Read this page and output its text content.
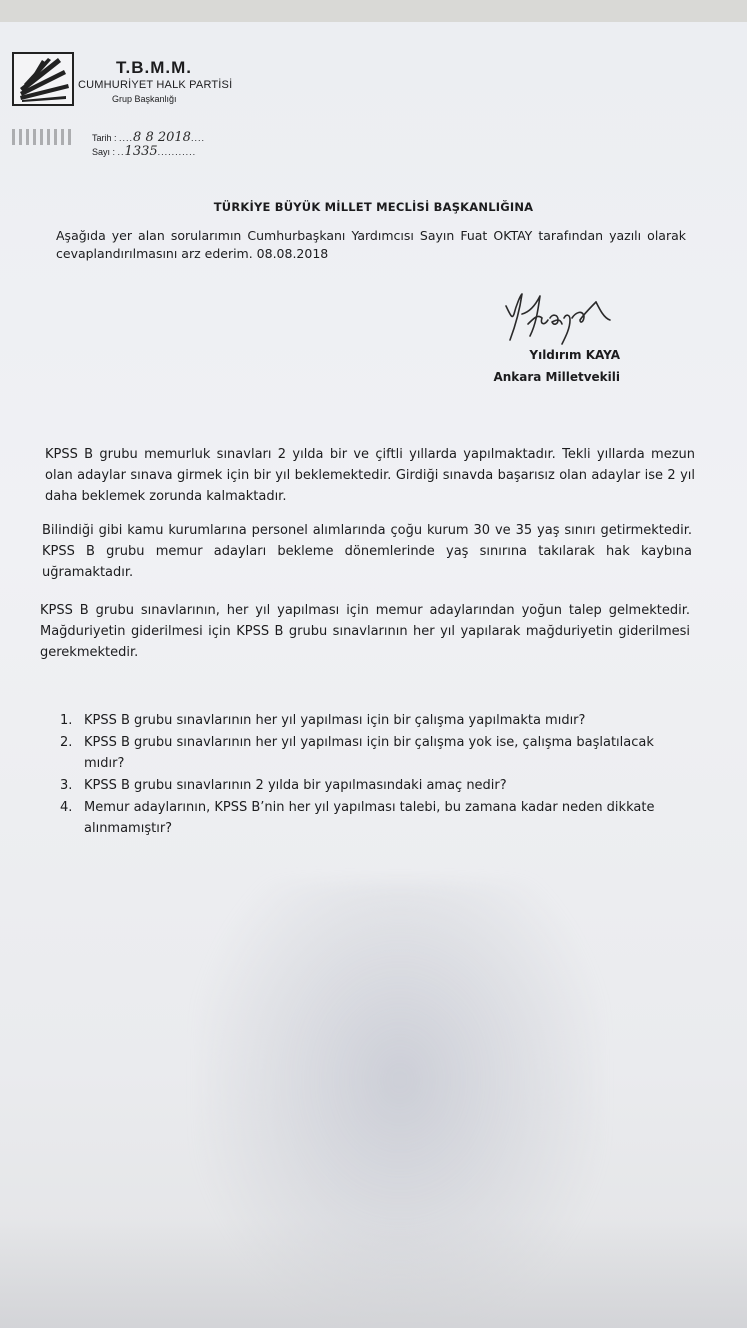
T.B.M.M.
CUMHURİYET HALK PARTİSİ
Grup Başkanlığı
Tarih : ....8 8 2018....
Sayı : ..1335...........
TÜRKİYE BÜYÜK MİLLET MECLİSİ BAŞKANLIĞINA
Aşağıda yer alan sorularımın Cumhurbaşkanı Yardımcısı Sayın Fuat OKTAY tarafından yazılı olarak cevaplandırılmasını arz ederim. 08.08.2018
Yıldırım KAYA
Ankara Milletvekili
KPSS B grubu memurluk sınavları 2 yılda bir ve çiftli yıllarda yapılmaktadır. Tekli yıllarda mezun olan adaylar sınava girmek için bir yıl beklemektedir. Girdiği sınavda başarısız olan adaylar ise 2 yıl daha beklemek zorunda kalmaktadır.
Bilindiği gibi kamu kurumlarına personel alımlarında çoğu kurum 30 ve 35 yaş sınırı getirmektedir. KPSS B grubu memur adayları bekleme dönemlerinde yaş sınırına takılarak hak kaybına uğramaktadır.
KPSS B grubu sınavlarının, her yıl yapılması için memur adaylarından yoğun talep gelmektedir. Mağduriyetin giderilmesi için KPSS B grubu sınavlarının her yıl yapılarak mağduriyetin giderilmesi gerekmektedir.
1. KPSS B grubu sınavlarının her yıl yapılması için bir çalışma yapılmakta mıdır?
2. KPSS B grubu sınavlarının her yıl yapılması için bir çalışma yok ise, çalışma başlatılacak mıdır?
3. KPSS B grubu sınavlarının 2 yılda bir yapılmasındaki amaç nedir?
4. Memur adaylarının, KPSS B’nin her yıl yapılması talebi, bu zamana kadar neden dikkate alınmamıştır?
